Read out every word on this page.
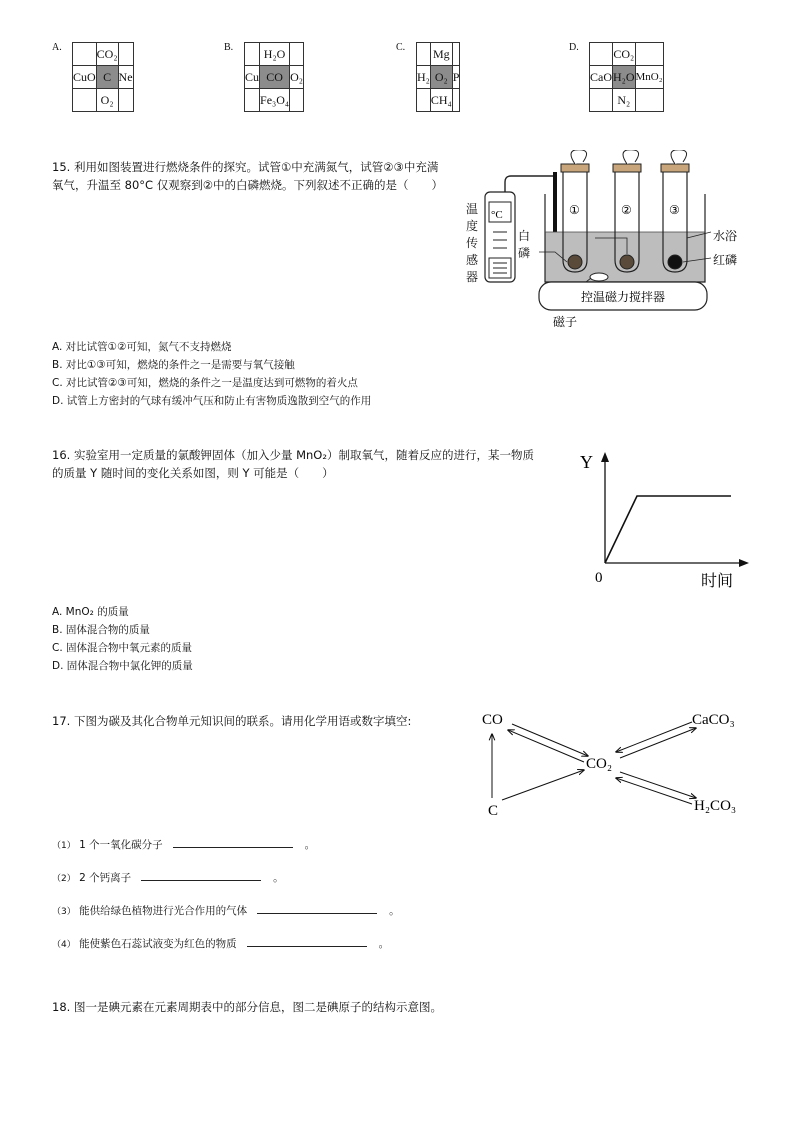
A.
		CO₂	
CuO	C	Ne
	O₂	
B.
		H₂O	
Cu	CO	O₂
	Fe₃O₄	
C.
	Mg	
H₂	O₂	P
	CH₄	
D.
		CO₂	
CaO	H₂O	MnO₂
	N₂	
15. 利用如图装置进行燃烧条件的探究。试管①中充满氮气，试管②③中充满氧气，升温至 80°C 仅观察到②中的白磷燃烧。下列叙述不正确的是（　　）
°C	①	②	③
控温磁力搅拌器
水浴
红磷
磁子
温度传感器
白磷
A. 对比试管①②可知，氮气不支持燃烧
B. 对比①③可知，燃烧的条件之一是需要与氧气接触
C. 对比试管②③可知，燃烧的条件之一是温度达到可燃物的着火点
D. 试管上方密封的气球有缓冲气压和防止有害物质逸散到空气的作用
16. 实验室用一定质量的氯酸钾固体（加入少量 MnO₂）制取氧气，随着反应的进行，某一物质
的质量 Y 随时间的变化关系如图，则 Y 可能是（　　）
Y
0	时间
A. MnO₂ 的质量
B. 固体混合物的质量
C. 固体混合物中氧元素的质量
D. 固体混合物中氯化钾的质量
17. 下图为碳及其化合物单元知识间的联系。请用化学用语或数字填空:	CO	CaCO₃
CO₂
C	H₂CO₃
（1） 1 个一氧化碳分子	。
（2） 2 个钙离子	。
（3） 能供给绿色植物进行光合作用的气体	。
（4） 能使紫色石蕊试液变为红色的物质	。
18. 图一是碘元素在元素周期表中的部分信息，图二是碘原子的结构示意图。
